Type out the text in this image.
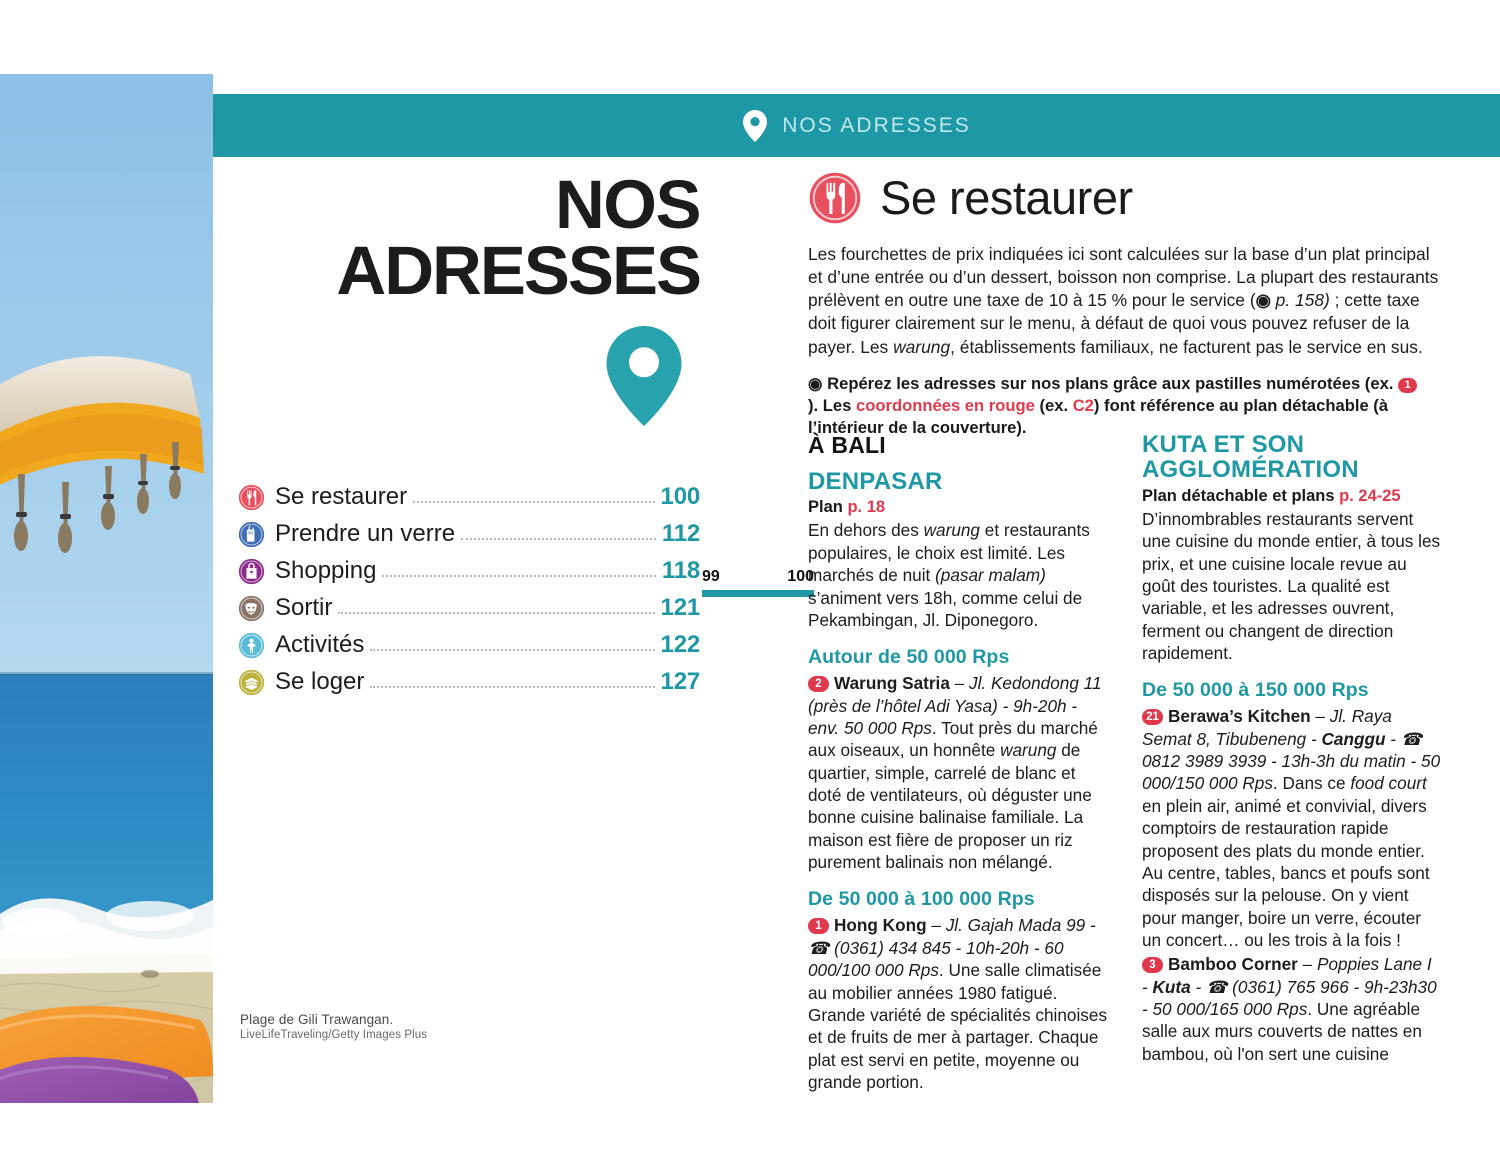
NOS ADRESSES
NOS
ADRESSES
Se restaurer	100
Prendre un verre	112
Shopping	118
Sortir	121
Activités	122
Se loger	127
Plage de Gili Trawangan.
LiveLifeTraveling/Getty Images Plus
99	100
Se restaurer
Les fourchettes de prix indiquées ici sont calculées sur la base d’un plat principal et d’une entrée ou d’un dessert, boisson non comprise. La plupart des restaurants prélèvent en outre une taxe de 10 à 15 % pour le service (◉ p. 158) ; cette taxe doit figurer clairement sur le menu, à défaut de quoi vous pouvez refuser de la payer. Les warung, établissements familiaux, ne facturent pas le service en sus.
◉ Repérez les adresses sur nos plans grâce aux pastilles numérotées (ex. 1). Les coordonnées en rouge (ex. C2) font référence au plan détachable (à l’intérieur de la couverture).
À BALI
DENPASAR
Plan p. 18
En dehors des warung et restaurants populaires, le choix est limité. Les marchés de nuit (pasar malam) s’animent vers 18h, comme celui de Pekambingan, Jl. Diponegoro.
Autour de 50 000 Rps
2 Warung Satria – Jl. Kedondong 11 (près de l’hôtel Adi Yasa) - 9h-20h - env. 50 000 Rps. Tout près du marché aux oiseaux, un honnête warung de quartier, simple, carrelé de blanc et doté de ventilateurs, où déguster une bonne cuisine balinaise familiale. La maison est fière de proposer un riz purement balinais non mélangé.
De 50 000 à 100 000 Rps
1 Hong Kong – Jl. Gajah Mada 99 - ☎ (0361) 434 845 - 10h-20h - 60 000/100 000 Rps. Une salle climatisée au mobilier années 1980 fatigué. Grande variété de spécialités chinoises et de fruits de mer à partager. Chaque plat est servi en petite, moyenne ou grande portion.
KUTA ET SON
AGGLOMÉRATION
Plan détachable et plans p. 24-25
D’innombrables restaurants servent une cuisine du monde entier, à tous les prix, et une cuisine locale revue au goût des touristes. La qualité est variable, et les adresses ouvrent, ferment ou changent de direction rapidement.
De 50 000 à 150 000 Rps
21 Berawa’s Kitchen – Jl. Raya Semat 8, Tibubeneng - Canggu - ☎ 0812 3989 3939 - 13h-3h du matin - 50 000/150 000 Rps. Dans ce food court en plein air, animé et convivial, divers comptoirs de restauration rapide proposent des plats du monde entier. Au centre, tables, bancs et poufs sont disposés sur la pelouse. On y vient pour manger, boire un verre, écouter un concert… ou les trois à la fois !
3 Bamboo Corner – Poppies Lane I - Kuta - ☎ (0361) 765 966 - 9h-23h30 - 50 000/165 000 Rps. Une agréable salle aux murs couverts de nattes en bambou, où l'on sert une cuisine
